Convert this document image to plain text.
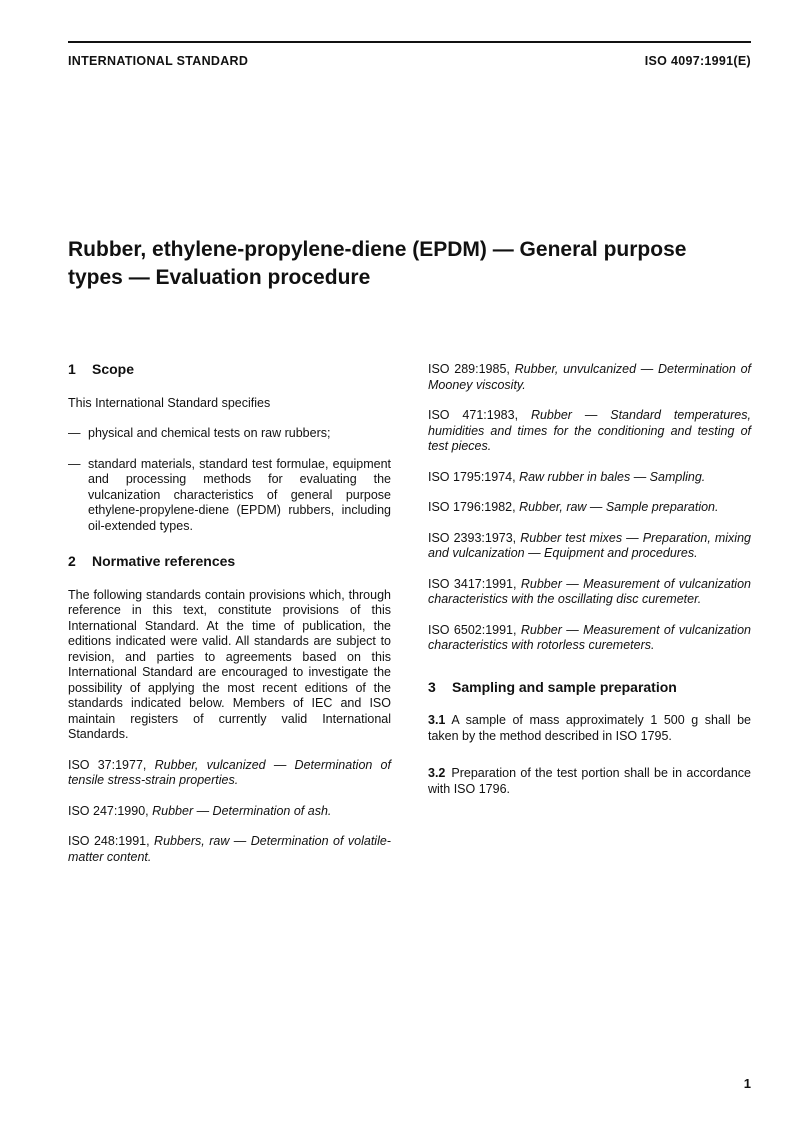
INTERNATIONAL STANDARD	ISO 4097:1991(E)
Rubber, ethylene-propylene-diene (EPDM) — General purpose
types — Evaluation procedure
1	Scope

This International Standard specifies

— physical and chemical tests on raw rubbers;
— standard materials, standard test formulae, equipment and processing methods for evaluating the vulcanization characteristics of general purpose ethylene-propylene-diene (EPDM) rubbers, including oil-extended types.
2	Normative references

The following standards contain provisions which, through reference in this text, constitute provisions of this International Standard. At the time of publication, the editions indicated were valid. All standards are subject to revision, and parties to agreements based on this International Standard are encouraged to investigate the possibility of applying the most recent editions of the standards indicated below. Members of IEC and ISO maintain registers of currently valid International Standards.

ISO 37:1977, Rubber, vulcanized — Determination of tensile stress-strain properties.

ISO 247:1990, Rubber — Determination of ash.

ISO 248:1991, Rubbers, raw — Determination of volatile-matter content.

ISO 289:1985, Rubber, unvulcanized — Determination of Mooney viscosity.

ISO 471:1983, Rubber — Standard temperatures, humidities and times for the conditioning and testing of test pieces.

ISO 1795:1974, Raw rubber in bales — Sampling.

ISO 1796:1982, Rubber, raw — Sample preparation.

ISO 2393:1973, Rubber test mixes — Preparation, mixing and vulcanization — Equipment and procedures.

ISO 3417:1991, Rubber — Measurement of vulcanization characteristics with the oscillating disc curemeter.

ISO 6502:1991, Rubber — Measurement of vulcanization characteristics with rotorless curemeters.

3	Sampling and sample preparation

3.1 A sample of mass approximately 1 500 g shall be taken by the method described in ISO 1795.

3.2 Preparation of the test portion shall be in accordance with ISO 1796.

1
